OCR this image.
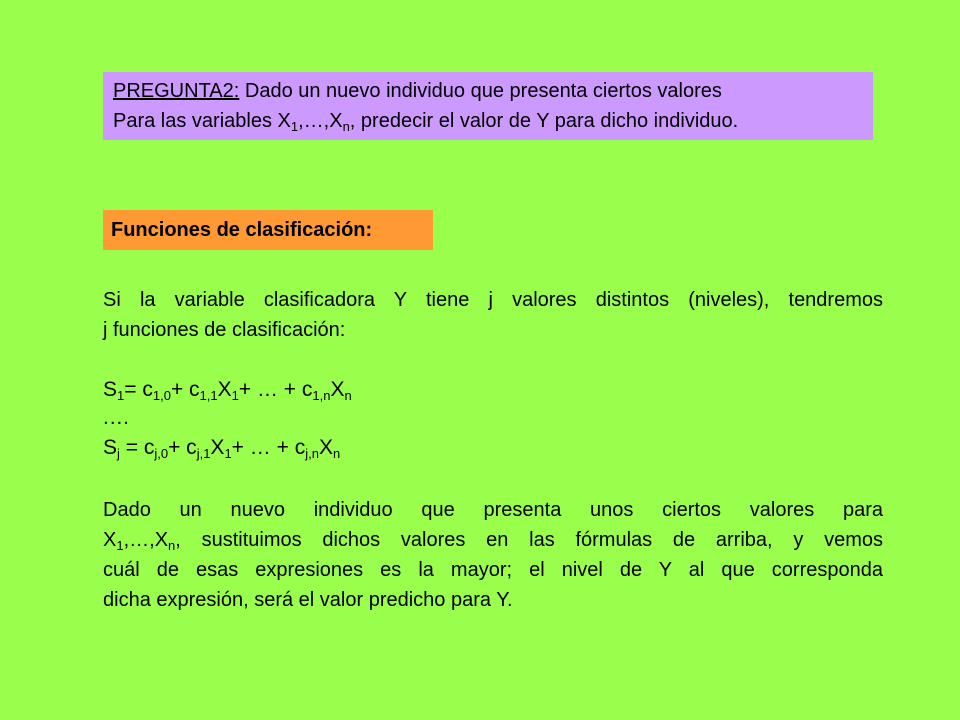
PREGUNTA2: Dado un nuevo individuo que presenta ciertos valores
Para las variables $X_1,\dots,X_n$, predecir el valor de Y para dicho individuo.
Funciones de clasificación:
Si la variable clasificadora Y tiene j valores distintos (niveles), tendremos
j funciones de clasificación:
$S_1= c_{1,0}+ c_{1,1}X_1+$ … + $c_{1,n}X_n$
.…
$S_j = c_{j,0}+ c_{j,1}X_1+$ … + $c_{j,n}X_n$
Dado un nuevo individuo que presenta unos ciertos valores para
$X_1,\dots,X_n$, sustituimos dichos valores en las fórmulas de arriba, y vemos
cuál de esas expresiones es la mayor; el nivel de Y al que corresponda
dicha expresión, será el valor predicho para Y.
